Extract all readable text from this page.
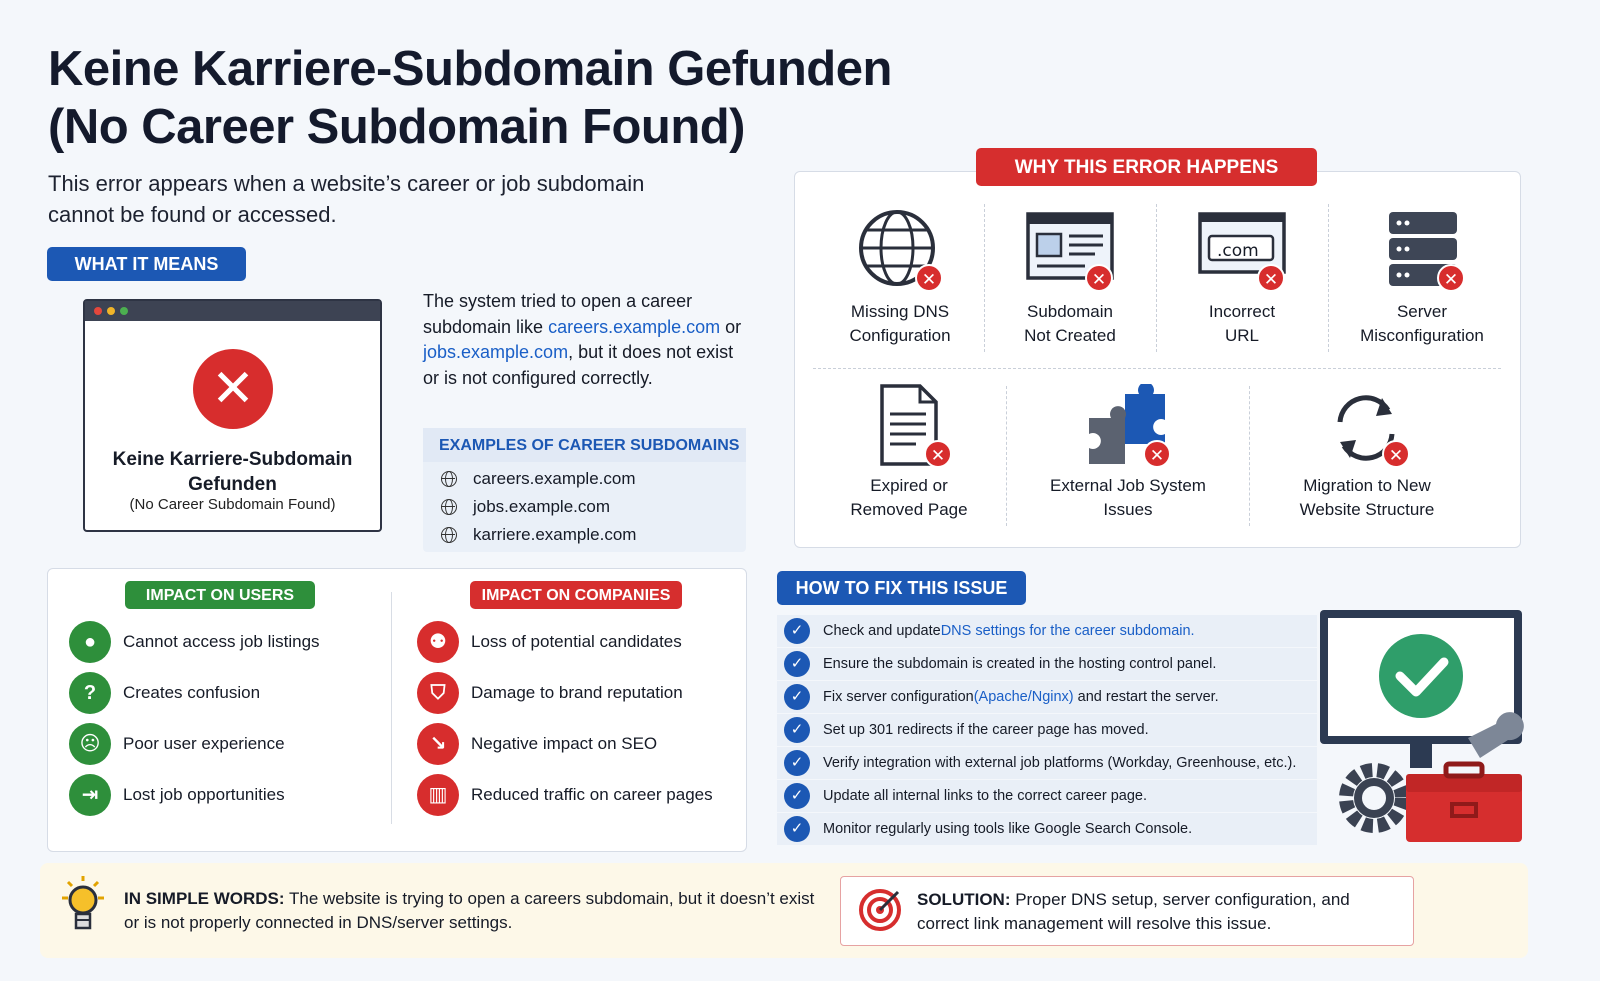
Keine Karriere-Subdomain Gefunden
(No Career Subdomain Found)
This error appears when a website’s career or job subdomain cannot be found or accessed.
WHAT IT MEANS
✕
Keine Karriere-Subdomain Gefunden
(No Career Subdomain Found)
The system tried to open a career subdomain like careers.example.com or jobs.example.com, but it does not exist or is not configured correctly.
EXAMPLES OF CAREER SUBDOMAINS
careers.example.com
jobs.example.com
karriere.example.com
IMPACT ON USERS	IMPACT ON COMPANIES
●	Cannot access job listings
?	Creates confusion
☹	Poor user experience
⇥	Lost job opportunities
⚉	Loss of potential candidates
⛉	Damage to brand reputation
↘	Negative impact on SEO
▥	Reduced traffic on career pages
WHY THIS ERROR HAPPENS
✕
Missing DNS
Configuration
✕
Subdomain
Not Created
.com
✕
Incorrect
URL
✕
Server
Misconfiguration
✕
Expired or
Removed Page
✕
External Job System
Issues
✕
Migration to New
Website Structure
HOW TO FIX THIS ISSUE
✓	Check and update DNS settings for the career subdomain.
✓	Ensure the subdomain is created in the hosting control panel.
✓	Fix server configuration (Apache/Nginx) and restart the server.
✓	Set up 301 redirects if the career page has moved.
✓	Verify integration with external job platforms (Workday, Greenhouse, etc.).
✓	Update all internal links to the correct career page.
✓	Monitor regularly using tools like Google Search Console.
IN SIMPLE WORDS: The website is trying to open a careers subdomain, but it doesn’t exist or is not properly connected in DNS/server settings.
SOLUTION: Proper DNS setup, server configuration, and correct link management will resolve this issue.
